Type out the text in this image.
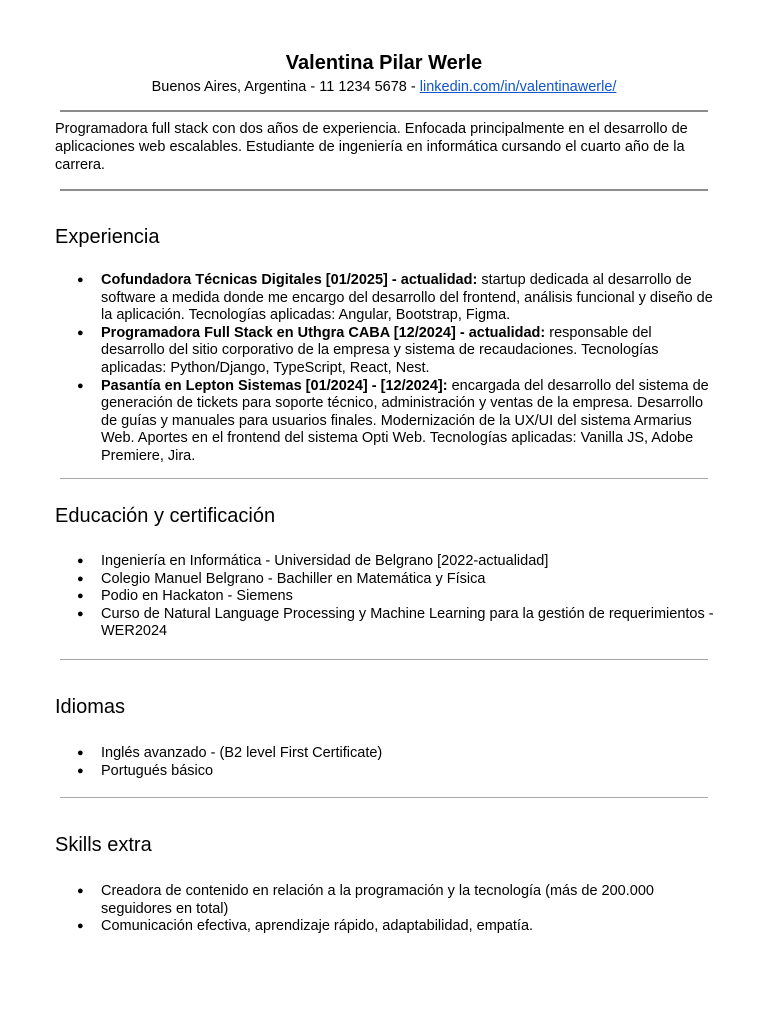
Valentina Pilar Werle
Buenos Aires, Argentina - 11 1234 5678 - linkedin.com/in/valentinawerle/

Programadora full stack con dos años de experiencia. Enfocada principalmente en el desarrollo de aplicaciones web escalables. Estudiante de ingeniería en informática cursando el cuarto año de la carrera.

Experiencia
● Cofundadora Técnicas Digitales [01/2025] - actualidad: startup dedicada al desarrollo de software a medida donde me encargo del desarrollo del frontend, análisis funcional y diseño de la aplicación. Tecnologías aplicadas: Angular, Bootstrap, Figma.
● Programadora Full Stack en Uthgra CABA [12/2024] - actualidad: responsable del desarrollo del sitio corporativo de la empresa y sistema de recaudaciones. Tecnologías aplicadas: Python/Django, TypeScript, React, Nest.
● Pasantía en Lepton Sistemas [01/2024] - [12/2024]: encargada del desarrollo del sistema de generación de tickets para soporte técnico, administración y ventas de la empresa. Desarrollo de guías y manuales para usuarios finales. Modernización de la UX/UI del sistema Armarius Web. Aportes en el frontend del sistema Opti Web. Tecnologías aplicadas: Vanilla JS, Adobe Premiere, Jira.
Educación y certificación
● Ingeniería en Informática - Universidad de Belgrano [2022-actualidad]
● Colegio Manuel Belgrano - Bachiller en Matemática y Física
● Podio en Hackaton - Siemens
● Curso de Natural Language Processing y Machine Learning para la gestión de requerimientos - WER2024
Idiomas
● Inglés avanzado - (B2 level First Certificate)
● Portugués básico
Skills extra
● Creadora de contenido en relación a la programación y la tecnología (más de 200.000 seguidores en total)
● Comunicación efectiva, aprendizaje rápido, adaptabilidad, empatía.
